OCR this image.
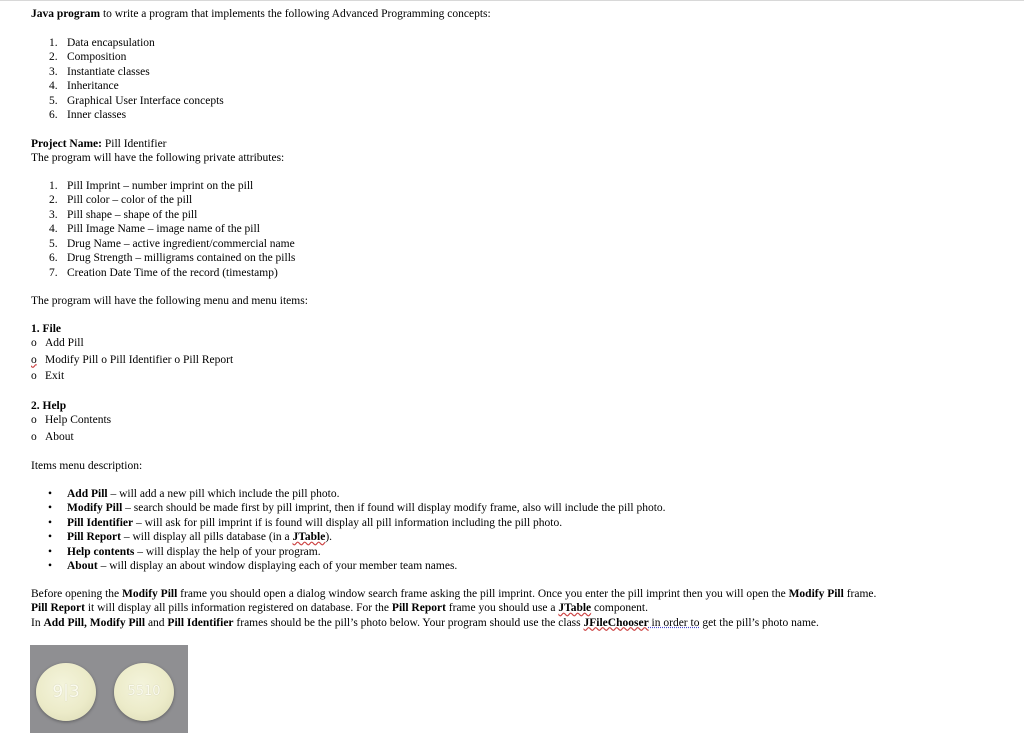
Java program to write a program that implements the following Advanced Programming concepts:

1. Data encapsulation
2. Composition
3. Instantiate classes
4. Inheritance
5. Graphical User Interface concepts
6. Inner classes

Project Name: Pill Identifier

The program will have the following private attributes:

1. Pill Imprint – number imprint on the pill
2. Pill color – color of the pill
3. Pill shape – shape of the pill
4. Pill Image Name – image name of the pill
5. Drug Name – active ingredient/commercial name
6. Drug Strength – milligrams contained on the pills
7. Creation Date Time of the record (timestamp)

The program will have the following menu and menu items:

1. File

o Add Pill
o Modify Pill o Pill Identifier o Pill Report
o Exit

2. Help

o Help Contents
o About

Items menu description:

• Add Pill – will add a new pill which include the pill photo.
• Modify Pill – search should be made first by pill imprint, then if found will display modify frame, also will include the pill photo.
• Pill Identifier – will ask for pill imprint if is found will display all pill information including the pill photo.
• Pill Report – will display all pills database (in a JTable).
• Help contents – will display the help of your program.
• About – will display an about window displaying each of your member team names.

Before opening the Modify Pill frame you should open a dialog window search frame asking the pill imprint. Once you enter the pill imprint then you will open the Modify Pill frame.

Pill Report it will display all pills information registered on database. For the Pill Report frame you should use a JTable component.

In Add Pill, Modify Pill and Pill Identifier frames should be the pill’s photo below. Your program should use the class JFileChooser in order to get the pill’s photo name.

9|3	5510
